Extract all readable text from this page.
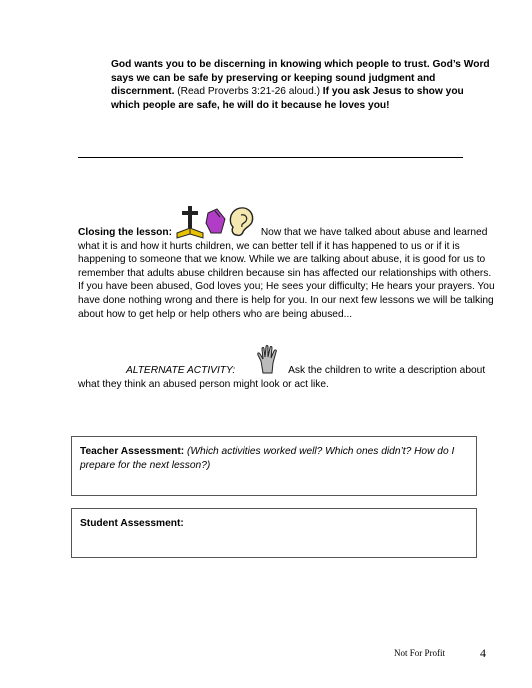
God wants you to be discerning in knowing which people to trust. God’s Word says we can be safe by preserving or keeping sound judgment and discernment. (Read Proverbs 3:21-26 aloud.) If you ask Jesus to show you which people are safe, he will do it because he loves you!
Closing the lesson:	Now that we have talked about abuse and learned what it is and how it hurts children, we can better tell if it has happened to us or if it is happening to someone that we know. While we are talking about abuse, it is good for us to remember that adults abuse children because sin has affected our relationships with others. If you have been abused, God loves you; He sees your difficulty; He hears your prayers. You have done nothing wrong and there is help for you. In our next few lessons we will be talking about how to get help or help others who are being abused...
ALTERNATE ACTIVITY:	Ask the children to write a description about what they think an abused person might look or act like.
Teacher Assessment: (Which activities worked well? Which ones didn’t? How do I prepare for the next lesson?)
Student Assessment:
Not For Profit	4
